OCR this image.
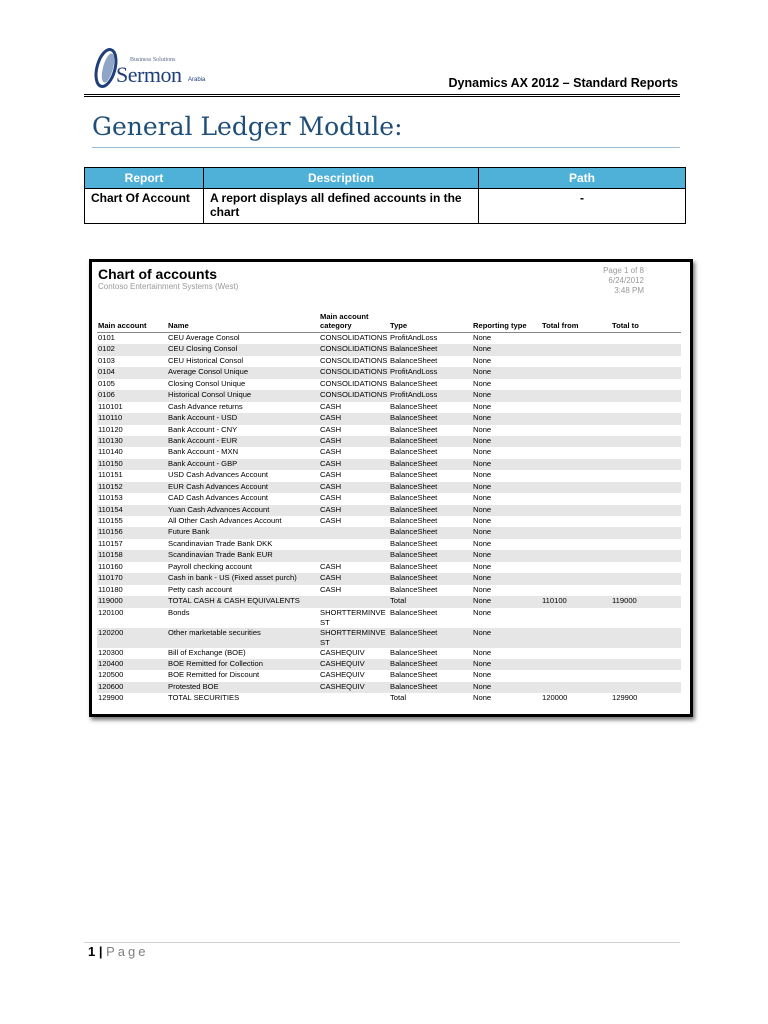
Business Solutions
Sermon Arabia	Dynamics AX 2012 – Standard Reports
General Ledger Module:
Report	Description	Path
Chart Of Account	A report displays all defined accounts in the chart	-
Chart of accounts
Contoso Entertainment Systems (West)
Page 1 of 8
6/24/2012
3:48 PM
Main account	Name	Main account category	Type	Reporting type	Total from	Total to
0101	CEU Average Consol	CONSOLIDATIONS	ProfitAndLoss	None		
0102	CEU Closing Consol	CONSOLIDATIONS	BalanceSheet	None		
0103	CEU Historical Consol	CONSOLIDATIONS	BalanceSheet	None		
0104	Average Consol Unique	CONSOLIDATIONS	ProfitAndLoss	None		
0105	Closing Consol Unique	CONSOLIDATIONS	BalanceSheet	None		
0106	Historical Consol Unique	CONSOLIDATIONS	ProfitAndLoss	None		
110101	Cash Advance returns	CASH	BalanceSheet	None		
110110	Bank Account - USD	CASH	BalanceSheet	None		
110120	Bank Account - CNY	CASH	BalanceSheet	None		
110130	Bank Account - EUR	CASH	BalanceSheet	None		
110140	Bank Account - MXN	CASH	BalanceSheet	None		
110150	Bank Account - GBP	CASH	BalanceSheet	None		
110151	USD Cash Advances Account	CASH	BalanceSheet	None		
110152	EUR Cash Advances Account	CASH	BalanceSheet	None		
110153	CAD Cash Advances Account	CASH	BalanceSheet	None		
110154	Yuan Cash Advances Account	CASH	BalanceSheet	None		
110155	All Other Cash Advances Account	CASH	BalanceSheet	None		
110156	Future Bank		BalanceSheet	None		
110157	Scandinavian Trade Bank DKK		BalanceSheet	None		
110158	Scandinavian Trade Bank EUR		BalanceSheet	None		
110160	Payroll checking account	CASH	BalanceSheet	None		
110170	Cash in bank - US (Fixed asset purch)	CASH	BalanceSheet	None		
110180	Petty cash account	CASH	BalanceSheet	None		
119000	TOTAL CASH & CASH EQUIVALENTS		Total	None	110100	119000
120100	Bonds	SHORTTERMINVEST	BalanceSheet	None		
120200	Other marketable securities	SHORTTERMINVEST	BalanceSheet	None		
120300	Bill of Exchange (BOE)	CASHEQUIV	BalanceSheet	None		
120400	BOE Remitted for Collection	CASHEQUIV	BalanceSheet	None		
120500	BOE Remitted for Discount	CASHEQUIV	BalanceSheet	None		
120600	Protested BOE	CASHEQUIV	BalanceSheet	None		
129900	TOTAL SECURITIES		Total	None	120000	129900
1 | Page
